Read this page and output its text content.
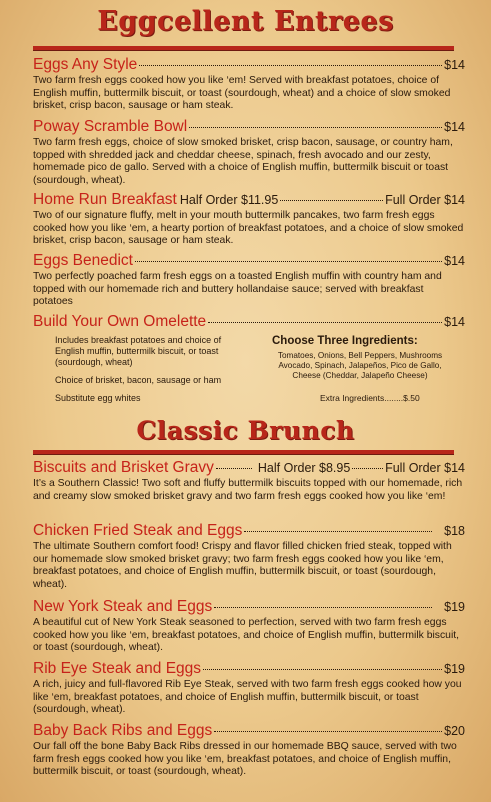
Eggcellent Entrees
Eggs Any Style	$14
Two farm fresh eggs cooked how you like ‘em! Served with breakfast potatoes, choice of English muffin, buttermilk biscuit, or toast (sourdough, wheat) and a choice of slow smoked brisket, crisp bacon, sausage or ham steak.
Poway Scramble Bowl	$14
Two farm fresh eggs, choice of slow smoked brisket, crisp bacon, sausage, or country ham, topped with shredded jack and cheddar cheese, spinach, fresh avocado and our zesty, homemade pico de gallo. Served with a choice of English muffin, buttermilk biscuit or toast (sourdough, wheat).
Home Run Breakfast Half Order $11.95	Full Order $14
Two of our signature fluffy, melt in your mouth buttermilk pancakes, two farm fresh eggs cooked how you like ‘em, a hearty portion of breakfast potatoes, and a choice of slow smoked brisket, crisp bacon, sausage or ham steak.
Eggs Benedict	$14
Two perfectly poached farm fresh eggs on a toasted English muffin with country ham and topped with our homemade rich and buttery hollandaise sauce; served with breakfast potatoes
Build Your Own Omelette	$14
Includes breakfast potatoes and choice of English muffin, buttermilk biscuit, or toast (sourdough, wheat)
Choice of brisket, bacon, sausage or ham
Substitute egg whites
Choose Three Ingredients:
Tomatoes, Onions, Bell Peppers, Mushrooms
Avocado, Spinach, Jalapeños, Pico de Gallo,
Cheese (Cheddar, Jalapeño Cheese)
Extra Ingredients........$.50
Classic Brunch
Biscuits and Brisket Gravy	Half Order $8.95	Full Order $14
It’s a Southern Classic! Two soft and fluffy buttermilk biscuits topped with our homemade, rich and creamy slow smoked brisket gravy and two farm fresh eggs cooked how you like ‘em!
Chicken Fried Steak and Eggs	$18
The ultimate Southern comfort food! Crispy and flavor filled chicken fried steak, topped with our homemade slow smoked brisket gravy; two farm fresh eggs cooked how you like ‘em, breakfast potatoes, and choice of English muffin, buttermilk biscuit, or toast (sourdough, wheat).
New York Steak and Eggs	$19
A beautiful cut of New York Steak seasoned to perfection, served with two farm fresh eggs cooked how you like ‘em, breakfast potatoes, and choice of English muffin, buttermilk biscuit, or toast (sourdough, wheat).
Rib Eye Steak and Eggs	$19
A rich, juicy and full-flavored Rib Eye Steak, served with two farm fresh eggs cooked how you like ‘em, breakfast potatoes, and choice of English muffin, buttermilk biscuit, or toast (sourdough, wheat).
Baby Back Ribs and Eggs	$20
Our fall off the bone Baby Back Ribs dressed in our homemade BBQ sauce, served with two farm fresh eggs cooked how you like ‘em, breakfast potatoes, and choice of English muffin, buttermilk biscuit, or toast (sourdough, wheat).
